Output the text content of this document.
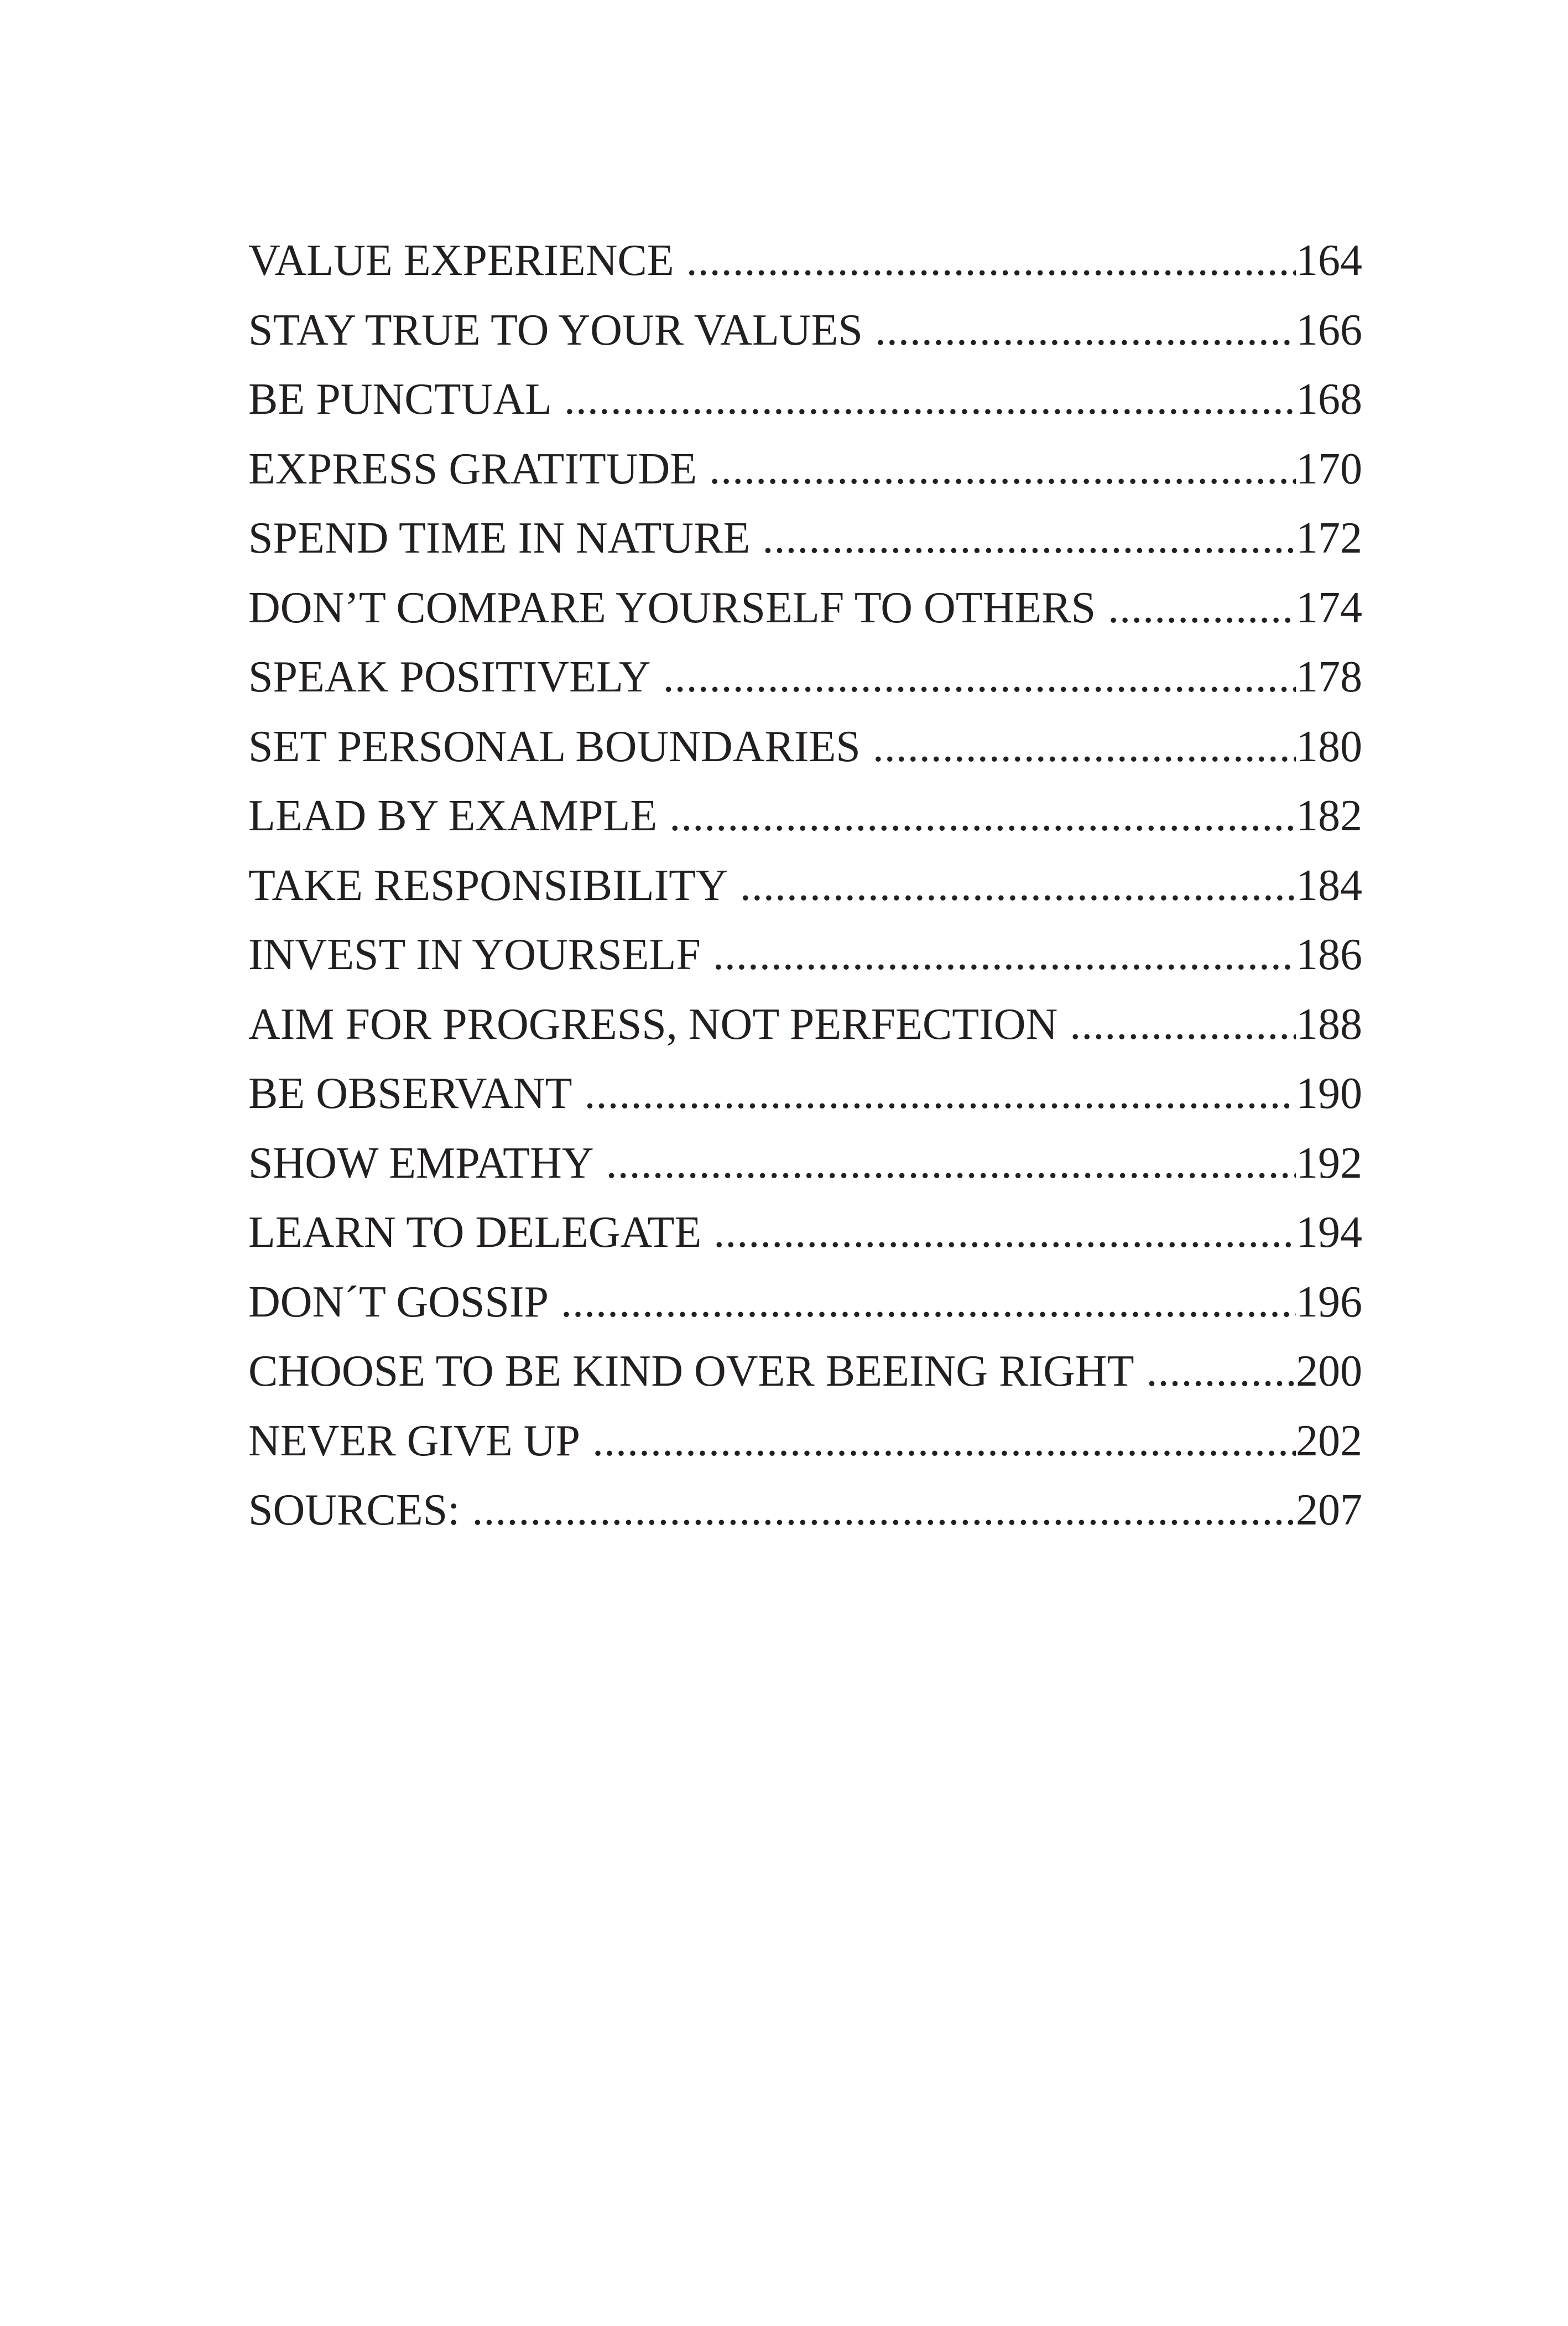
VALUE EXPERIENCE .....	164
STAY TRUE TO YOUR VALUES .....	166
BE PUNCTUAL .....	168
EXPRESS GRATITUDE .....	170
SPEND TIME IN NATURE .....	172
DON’T COMPARE YOURSELF TO OTHERS .....	174
SPEAK POSITIVELY .....	178
SET PERSONAL BOUNDARIES .....	180
LEAD BY EXAMPLE .....	182
TAKE RESPONSIBILITY .....	184
INVEST IN YOURSELF .....	186
AIM FOR PROGRESS, NOT PERFECTION .....	188
BE OBSERVANT .....	190
SHOW EMPATHY .....	192
LEARN TO DELEGATE .....	194
DON´T GOSSIP .....	196
CHOOSE TO BE KIND OVER BEEING RIGHT .....	200
NEVER GIVE UP .....	202
SOURCES: .....	207
